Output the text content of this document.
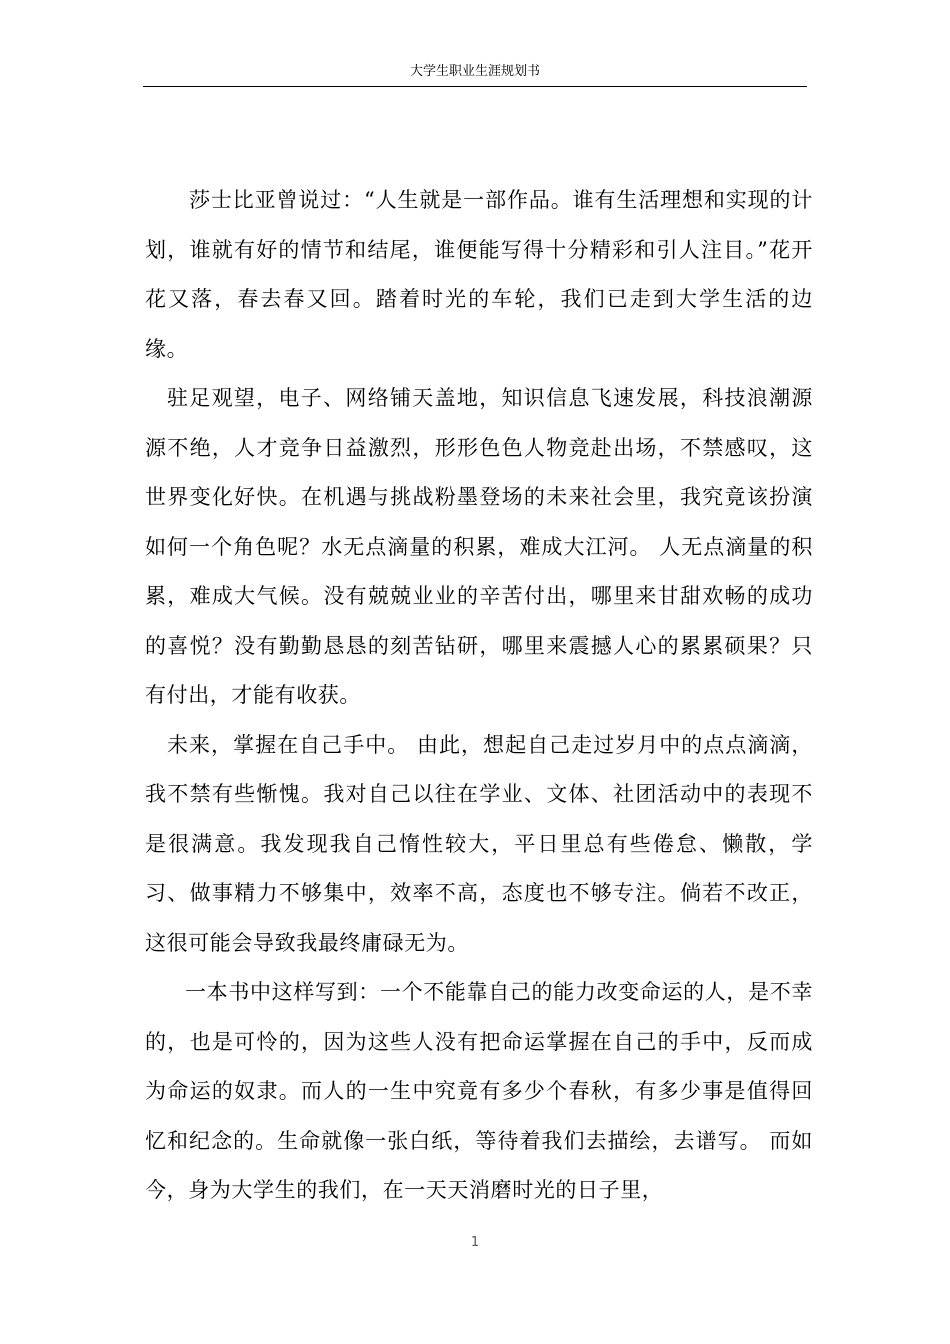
大学生职业生涯规划书

莎士比亚曾说过：“人生就是一部作品。谁有生活理想和实现的计划，谁就有好的情节和结尾，谁便能写得十分精彩和引人注目。”花开花又落，春去春又回。踏着时光的车轮，我们已走到大学生活的边缘。

驻足观望，电子、网络铺天盖地，知识信息飞速发展，科技浪潮源源不绝，人才竞争日益激烈，形形色色人物竞赴出场，不禁感叹，这世界变化好快。在机遇与挑战粉墨登场的未来社会里，我究竟该扮演如何一个角色呢？水无点滴量的积累，难成大江河。 人无点滴量的积累，难成大气候。没有兢兢业业的辛苦付出，哪里来甘甜欢畅的成功的喜悦？没有勤勤恳恳的刻苦钻研，哪里来震撼人心的累累硕果？只有付出，才能有收获。

未来，掌握在自己手中。 由此，想起自己走过岁月中的点点滴滴，我不禁有些惭愧。我对自己以往在学业、文体、社团活动中的表现不是很满意。我发现我自己惰性较大，平日里总有些倦怠、懒散，学习、做事精力不够集中，效率不高，态度也不够专注。倘若不改正，这很可能会导致我最终庸碌无为。

一本书中这样写到：一个不能靠自己的能力改变命运的人，是不幸的，也是可怜的，因为这些人没有把命运掌握在自己的手中，反而成为命运的奴隶。而人的一生中究竟有多少个春秋，有多少事是值得回忆和纪念的。生命就像一张白纸，等待着我们去描绘，去谱写。 而如今，身为大学生的我们，在一天天消磨时光的日子里，

1
